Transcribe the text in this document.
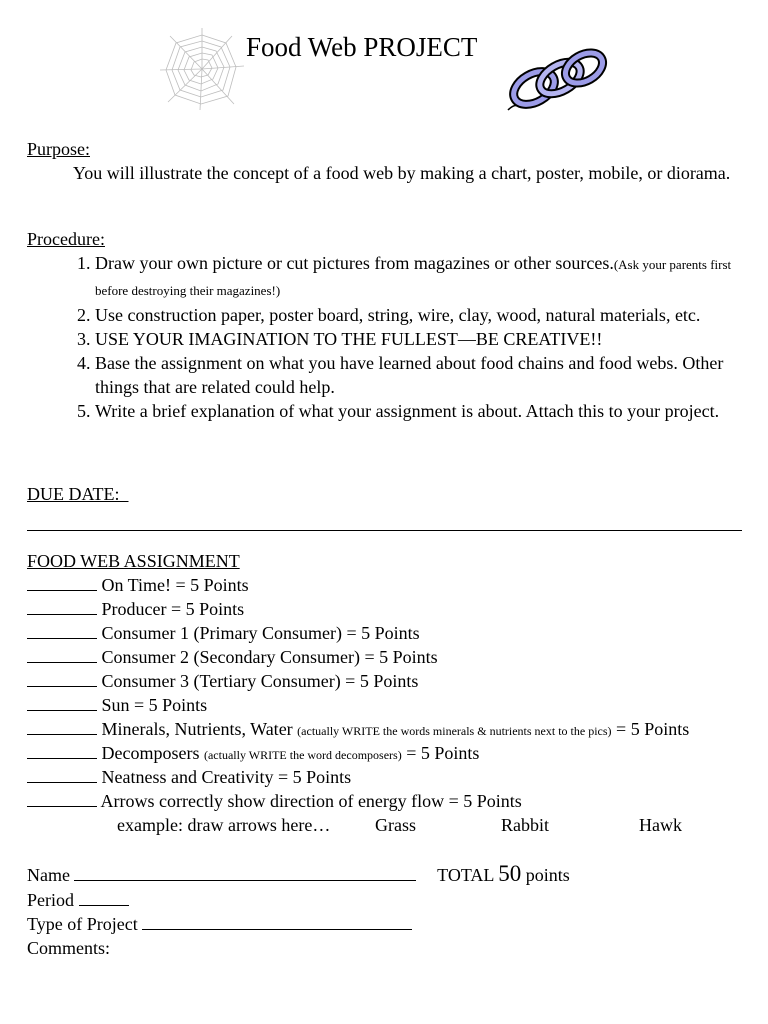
Food Web PROJECT
Purpose:
You will illustrate the concept of a food web by making a chart, poster, mobile, or diorama.
Procedure:
1. Draw your own picture or cut pictures from magazines or other sources.(Ask your parents first before destroying their magazines!)
2. Use construction paper, poster board, string, wire, clay, wood, natural materials, etc.
3. USE YOUR IMAGINATION TO THE FULLEST—BE CREATIVE!!
4. Base the assignment on what you have learned about food chains and food webs. Other things that are related could help.
5. Write a brief explanation of what your assignment is about. Attach this to your project.
DUE DATE:
FOOD WEB ASSIGNMENT
On Time! = 5 Points
Producer = 5 Points
Consumer 1 (Primary Consumer) = 5 Points
Consumer 2 (Secondary Consumer) = 5 Points
Consumer 3 (Tertiary Consumer) = 5 Points
Sun = 5 Points
Minerals, Nutrients, Water (actually WRITE the words minerals & nutrients next to the pics) = 5 Points
Decomposers (actually WRITE the word decomposers) = 5 Points
Neatness and Creativity = 5 Points
Arrows correctly show direction of energy flow = 5 Points
example: draw arrows here… Grass	Rabbit	Hawk
Name	TOTAL 50 points
Period
Type of Project
Comments:
